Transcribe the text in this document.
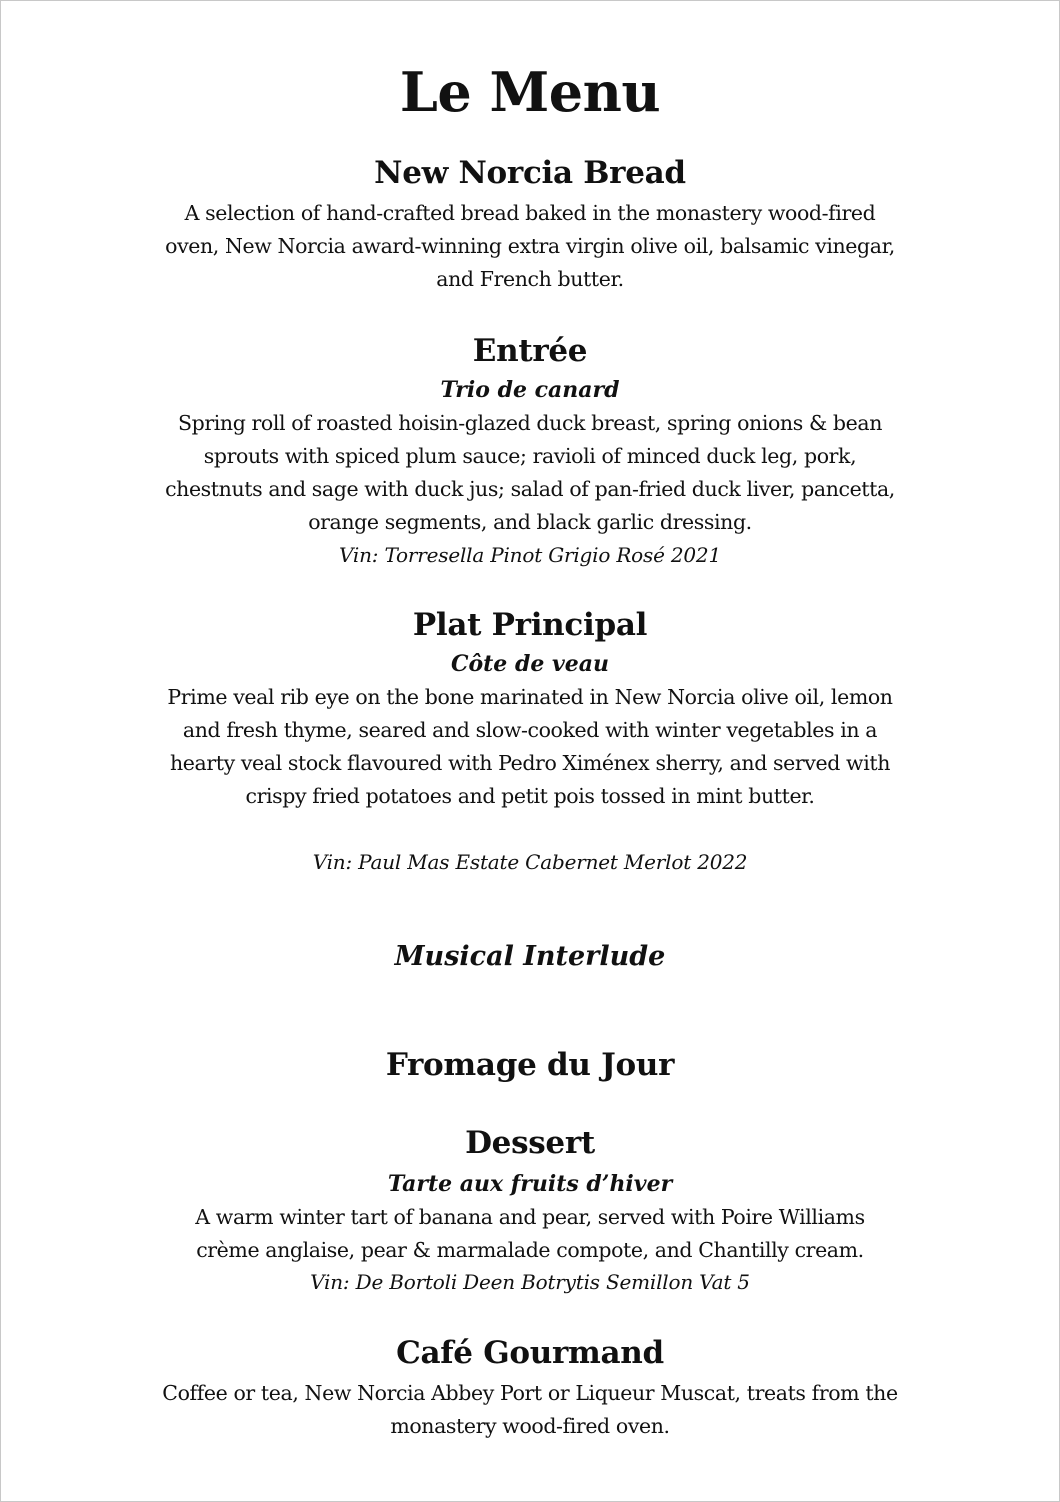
Le Menu
New Norcia Bread

A selection of hand-crafted bread baked in the monastery wood-fired oven, New Norcia award-winning extra virgin olive oil, balsamic vinegar, and French butter.

Entrée
Trio de canard

Spring roll of roasted hoisin-glazed duck breast, spring onions & bean sprouts with spiced plum sauce; ravioli of minced duck leg, pork, chestnuts and sage with duck jus; salad of pan-fried duck liver, pancetta, orange segments, and black garlic dressing.

Vin: Torresella Pinot Grigio Rosé 2021
Plat Principal
Côte de veau

Prime veal rib eye on the bone marinated in New Norcia olive oil, lemon and fresh thyme, seared and slow-cooked with winter vegetables in a hearty veal stock flavoured with Pedro Ximénex sherry, and served with crispy fried potatoes and petit pois tossed in mint butter.

Vin: Paul Mas Estate Cabernet Merlot 2022
Musical Interlude
Fromage du Jour
Dessert
Tarte aux fruits d’hiver

A warm winter tart of banana and pear, served with Poire Williams crème anglaise, pear & marmalade compote, and Chantilly cream.

Vin: De Bortoli Deen Botrytis Semillon Vat 5
Café Gourmand

Coffee or tea, New Norcia Abbey Port or Liqueur Muscat, treats from the monastery wood-fired oven.
